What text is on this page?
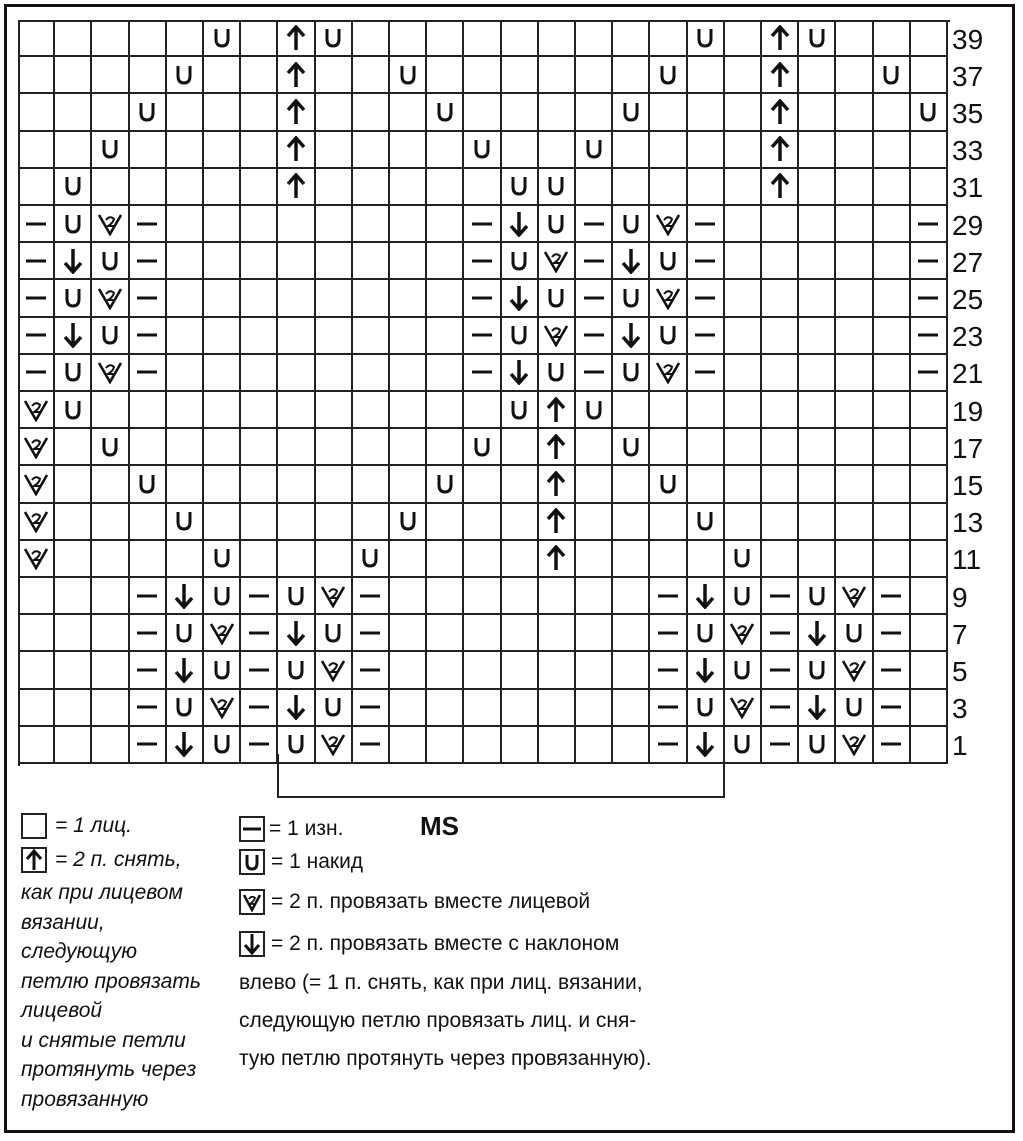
39
37
35
33
31
29
27
25
23
21
19
17
15
13
11
9
7
5
3
1
= 1 лиц.
= 2 п. снять,
как при лицевом
вязании,
следующую
петлю провязать
лицевой
и снятые петли
протянуть через
провязанную
= 1 изн.	MS
= 1 накид
= 2 п. провязать вместе лицевой
= 2 п. провязать вместе с наклоном
влево (= 1 п. снять, как при лиц. вязании,
следующую петлю провязать лиц. и сня-
тую петлю протянуть через провязанную).
